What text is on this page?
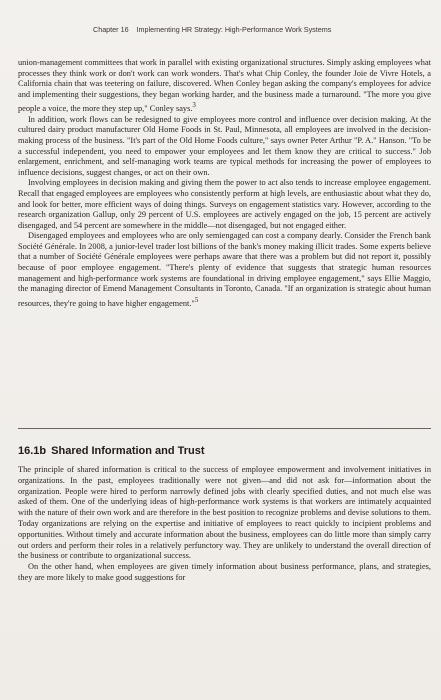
Chapter 16 Implementing HR Strategy: High-Performance Work Systems

union-management committees that work in parallel with existing organizational structures. Simply asking employees what processes they think work or don't work can work wonders. That's what Chip Conley, the founder Joie de Vivre Hotels, a California chain that was teetering on failure, discovered. When Conley began asking the company's employees for advice and implementing their suggestions, they began working harder, and the business made a turnaround. "The more you give people a voice, the more they step up," Conley says.$^3$

In addition, work flows can be redesigned to give employees more control and influence over decision making. At the cultured dairy product manufacturer Old Home Foods in St. Paul, Minnesota, all employees are involved in the decision-making process of the business. "It's part of the Old Home Foods culture," says owner Peter Arthur "P. A." Hanson. "To be a successful independent, you need to empower your employees and let them know they are critical to success." Job enlargement, enrichment, and self-managing work teams are typical methods for increasing the power of employees to influence decisions, suggest changes, or act on their own.

Involving employees in decision making and giving them the power to act also tends to increase employee engagement. Recall that engaged employees are employees who consistently perform at high levels, are enthusiastic about what they do, and look for better, more efficient ways of doing things. Surveys on engagement statistics vary. However, according to the research organization Gallup, only 29 percent of U.S. employees are actively engaged on the job, 15 percent are actively disengaged, and 54 percent are somewhere in the middle—not disengaged, but not engaged either.

Disengaged employees and employees who are only semiengaged can cost a company dearly. Consider the French bank Société Générale. In 2008, a junior-level trader lost billions of the bank's money making illicit trades. Some experts believe that a number of Société Générale employees were perhaps aware that there was a problem but did not report it, possibly because of poor employee engagement. "There's plenty of evidence that suggests that strategic human resources management and high-performance work systems are foundational in driving employee engagement," says Ellie Maggio, the managing director of Emend Management Consultants in Toronto, Canada. "If an organization is strategic about human resources, they're going to have higher engagement."$^5$

16.1b Shared Information and Trust

The principle of shared information is critical to the success of employee empowerment and involvement initiatives in organizations. In the past, employees traditionally were not given—and did not ask for—information about the organization. People were hired to perform narrowly defined jobs with clearly specified duties, and not much else was asked of them. One of the underlying ideas of high-performance work systems is that workers are intimately acquainted with the nature of their own work and are therefore in the best position to recognize problems and devise solutions to them. Today organizations are relying on the expertise and initiative of employees to react quickly to incipient problems and opportunities. Without timely and accurate information about the business, employees can do little more than simply carry out orders and perform their roles in a relatively perfunctory way. They are unlikely to understand the overall direction of the business or contribute to organizational success.

On the other hand, when employees are given timely information about business performance, plans, and strategies, they are more likely to make good suggestions for
